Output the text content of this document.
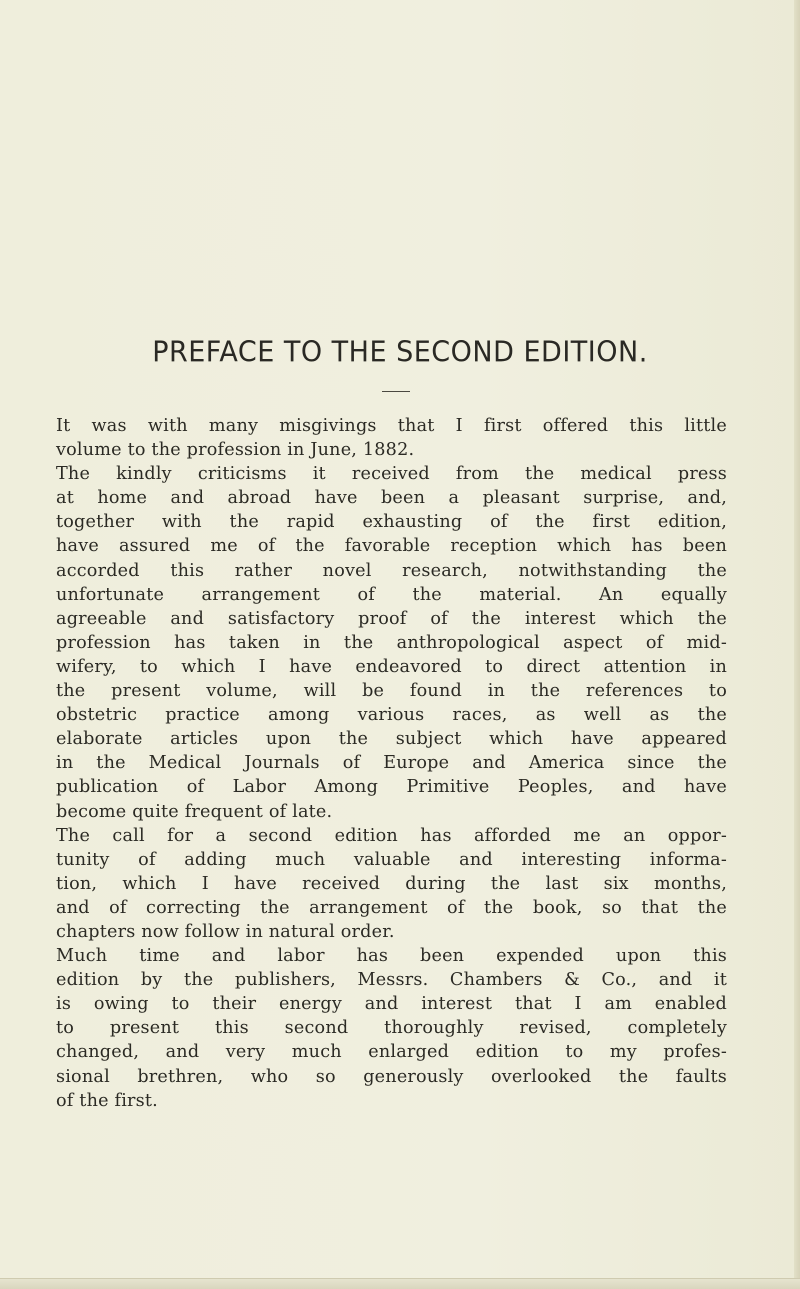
PREFACE TO THE SECOND EDITION.
It was with many misgivings that I first offered this little
volume to the profession in June, 1882.
The kindly criticisms it received from the medical press
at home and abroad have been a pleasant surprise, and,
together with the rapid exhausting of the first edition,
have assured me of the favorable reception which has been
accorded this rather novel research, notwithstanding the
unfortunate arrangement of the material. An equally
agreeable and satisfactory proof of the interest which the
profession has taken in the anthropological aspect of mid-
wifery, to which I have endeavored to direct attention in
the present volume, will be found in the references to
obstetric practice among various races, as well as the
elaborate articles upon the subject which have appeared
in the Medical Journals of Europe and America since the
publication of Labor Among Primitive Peoples, and have
become quite frequent of late.
The call for a second edition has afforded me an oppor-
tunity of adding much valuable and interesting informa-
tion, which I have received during the last six months,
and of correcting the arrangement of the book, so that the
chapters now follow in natural order.
Much time and labor has been expended upon this
edition by the publishers, Messrs. Chambers & Co., and it
is owing to their energy and interest that I am enabled
to present this second thoroughly revised, completely
changed, and very much enlarged edition to my profes-
sional brethren, who so generously overlooked the faults
of the first.
